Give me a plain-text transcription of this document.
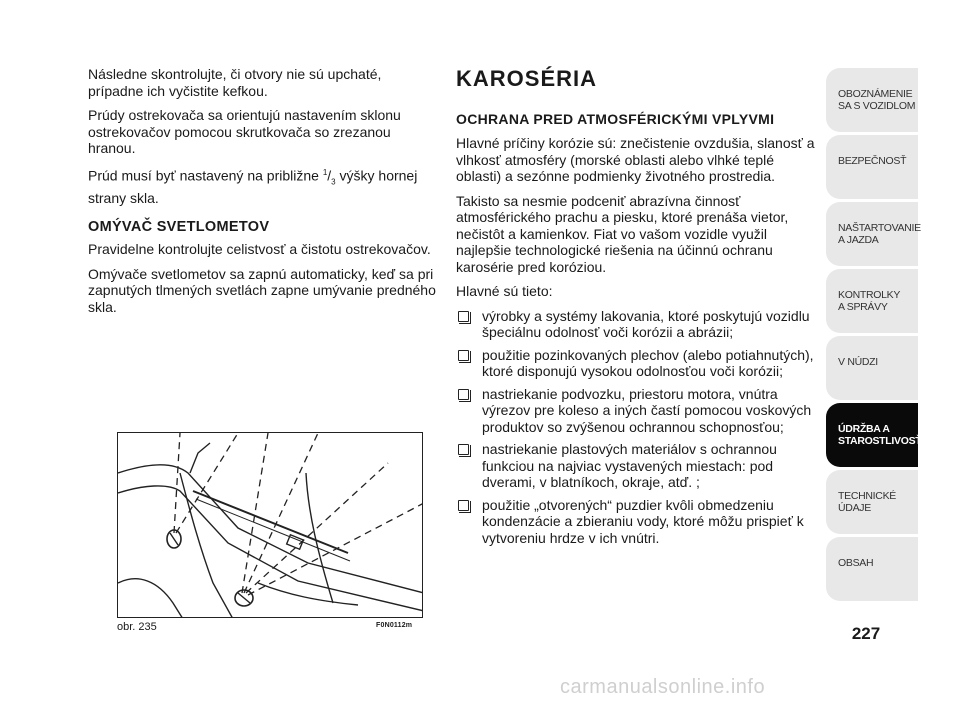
Následne skontrolujte, či otvory nie sú upchaté, prípadne ich vyčistite kefkou.

Prúdy ostrekovača sa orientujú nastavením sklonu ostrekovačov pomocou skrutkovača so zrezanou hranou.

Prúd musí byť nastavený na približne $^1/_3$ výšky hornej strany skla.

OMÝVAČ SVETLOMETOV

Pravidelne kontrolujte celistvosť a čistotu ostrekovačov.

Omývače svetlometov sa zapnú automaticky, keď sa pri zapnutých tlmených svetlách zapne umývanie predného skla.

obr. 235	F0N0112m
KAROSÉRIA
OCHRANA PRED ATMOSFÉRICKÝMI VPLYVMI

Hlavné príčiny korózie sú: znečistenie ovzdušia, slanosť a vlhkosť atmosféry (morské oblasti alebo vlhké teplé oblasti) a sezónne podmienky životného prostredia.

Takisto sa nesmie podceniť abrazívna činnosť atmosférického prachu a piesku, ktoré prenáša vietor, nečistôt a kamienkov. Fiat vo vašom vozidle využil najlepšie technologické riešenia na účinnú ochranu karosérie pred koróziou.

Hlavné sú tieto:

výrobky a systémy lakovania, ktoré poskytujú vozidlu špeciálnu odolnosť voči korózii a abrázii;
použitie pozinkovaných plechov (alebo potiahnutých), ktoré disponujú vysokou odolnosťou voči korózii;
nastriekanie podvozku, priestoru motora, vnútra výrezov pre koleso a iných častí pomocou voskových produktov so zvýšenou ochrannou schopnosťou;
nastriekanie plastových materiálov s ochrannou funkciou na najviac vystavených miestach: pod dverami, v blatníkoch, okraje, atď. ;
použitie „otvorených“ puzdier kvôli obmedzeniu kondenzácie a zbieraniu vody, ktoré môžu prispieť k vytvoreniu hrdze v ich vnútri.
OBOZNÁMENIE
SA S VOZIDLOM
BEZPEČNOSŤ
NAŠTARTOVANIE
A JAZDA
KONTROLKY
A SPRÁVY
V NÚDZI
ÚDRŽBA A
STAROSTLIVOSŤ
TECHNICKÉ
ÚDAJE
OBSAH
227
carmanualsonline.info
